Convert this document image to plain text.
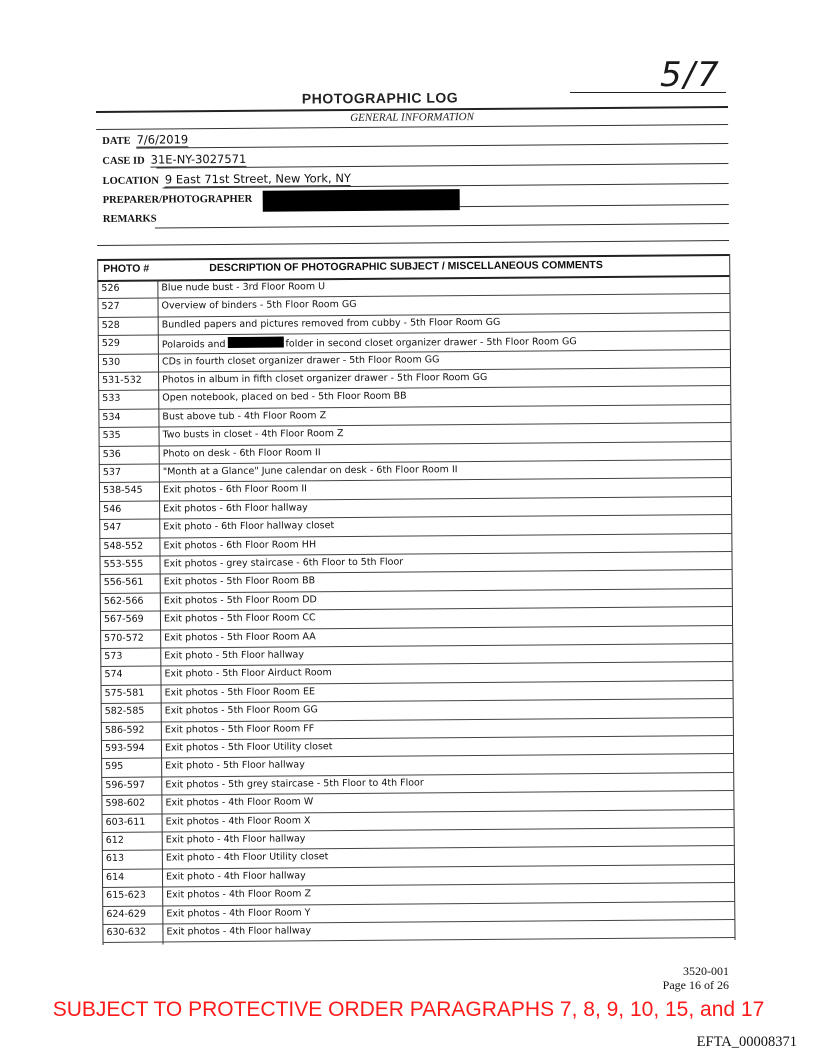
5/7
PHOTOGRAPHIC LOG
GENERAL INFORMATION
DATE 7/6/2019
CASE ID 31E-NY-3027571
LOCATION 9 East 71st Street, New York, NY
PREPARER/PHOTOGRAPHER
REMARKS
PHOTO #	DESCRIPTION OF PHOTOGRAPHIC SUBJECT / MISCELLANEOUS COMMENTS
526	Blue nude bust - 3rd Floor Room U
527	Overview of binders - 5th Floor Room GG
528	Bundled papers and pictures removed from cubby - 5th Floor Room GG
529	Polaroids and	folder in second closet organizer drawer - 5th Floor Room GG
530	CDs in fourth closet organizer drawer - 5th Floor Room GG
531-532	Photos in album in fifth closet organizer drawer - 5th Floor Room GG
533	Open notebook, placed on bed - 5th Floor Room BB
534	Bust above tub - 4th Floor Room Z
535	Two busts in closet - 4th Floor Room Z
536	Photo on desk - 6th Floor Room II
537	"Month at a Glance" June calendar on desk - 6th Floor Room II
538-545	Exit photos - 6th Floor Room II
546	Exit photos - 6th Floor hallway
547	Exit photo - 6th Floor hallway closet
548-552	Exit photos - 6th Floor Room HH
553-555	Exit photos - grey staircase - 6th Floor to 5th Floor
556-561	Exit photos - 5th Floor Room BB
562-566	Exit photos - 5th Floor Room DD
567-569	Exit photos - 5th Floor Room CC
570-572	Exit photos - 5th Floor Room AA
573	Exit photo - 5th Floor hallway
574	Exit photo - 5th Floor Airduct Room
575-581	Exit photos - 5th Floor Room EE
582-585	Exit photos - 5th Floor Room GG
586-592	Exit photos - 5th Floor Room FF
593-594	Exit photos - 5th Floor Utility closet
595	Exit photo - 5th Floor hallway
596-597	Exit photos - 5th grey staircase - 5th Floor to 4th Floor
598-602	Exit photos - 4th Floor Room W
603-611	Exit photos - 4th Floor Room X
612	Exit photo - 4th Floor hallway
613	Exit photo - 4th Floor Utility closet
614	Exit photo - 4th Floor hallway
615-623	Exit photos - 4th Floor Room Z
624-629	Exit photos - 4th Floor Room Y
630-632	Exit photos - 4th Floor hallway
3520-001
Page 16 of 26
SUBJECT TO PROTECTIVE ORDER PARAGRAPHS 7, 8, 9, 10, 15, and 17
EFTA_00008371
